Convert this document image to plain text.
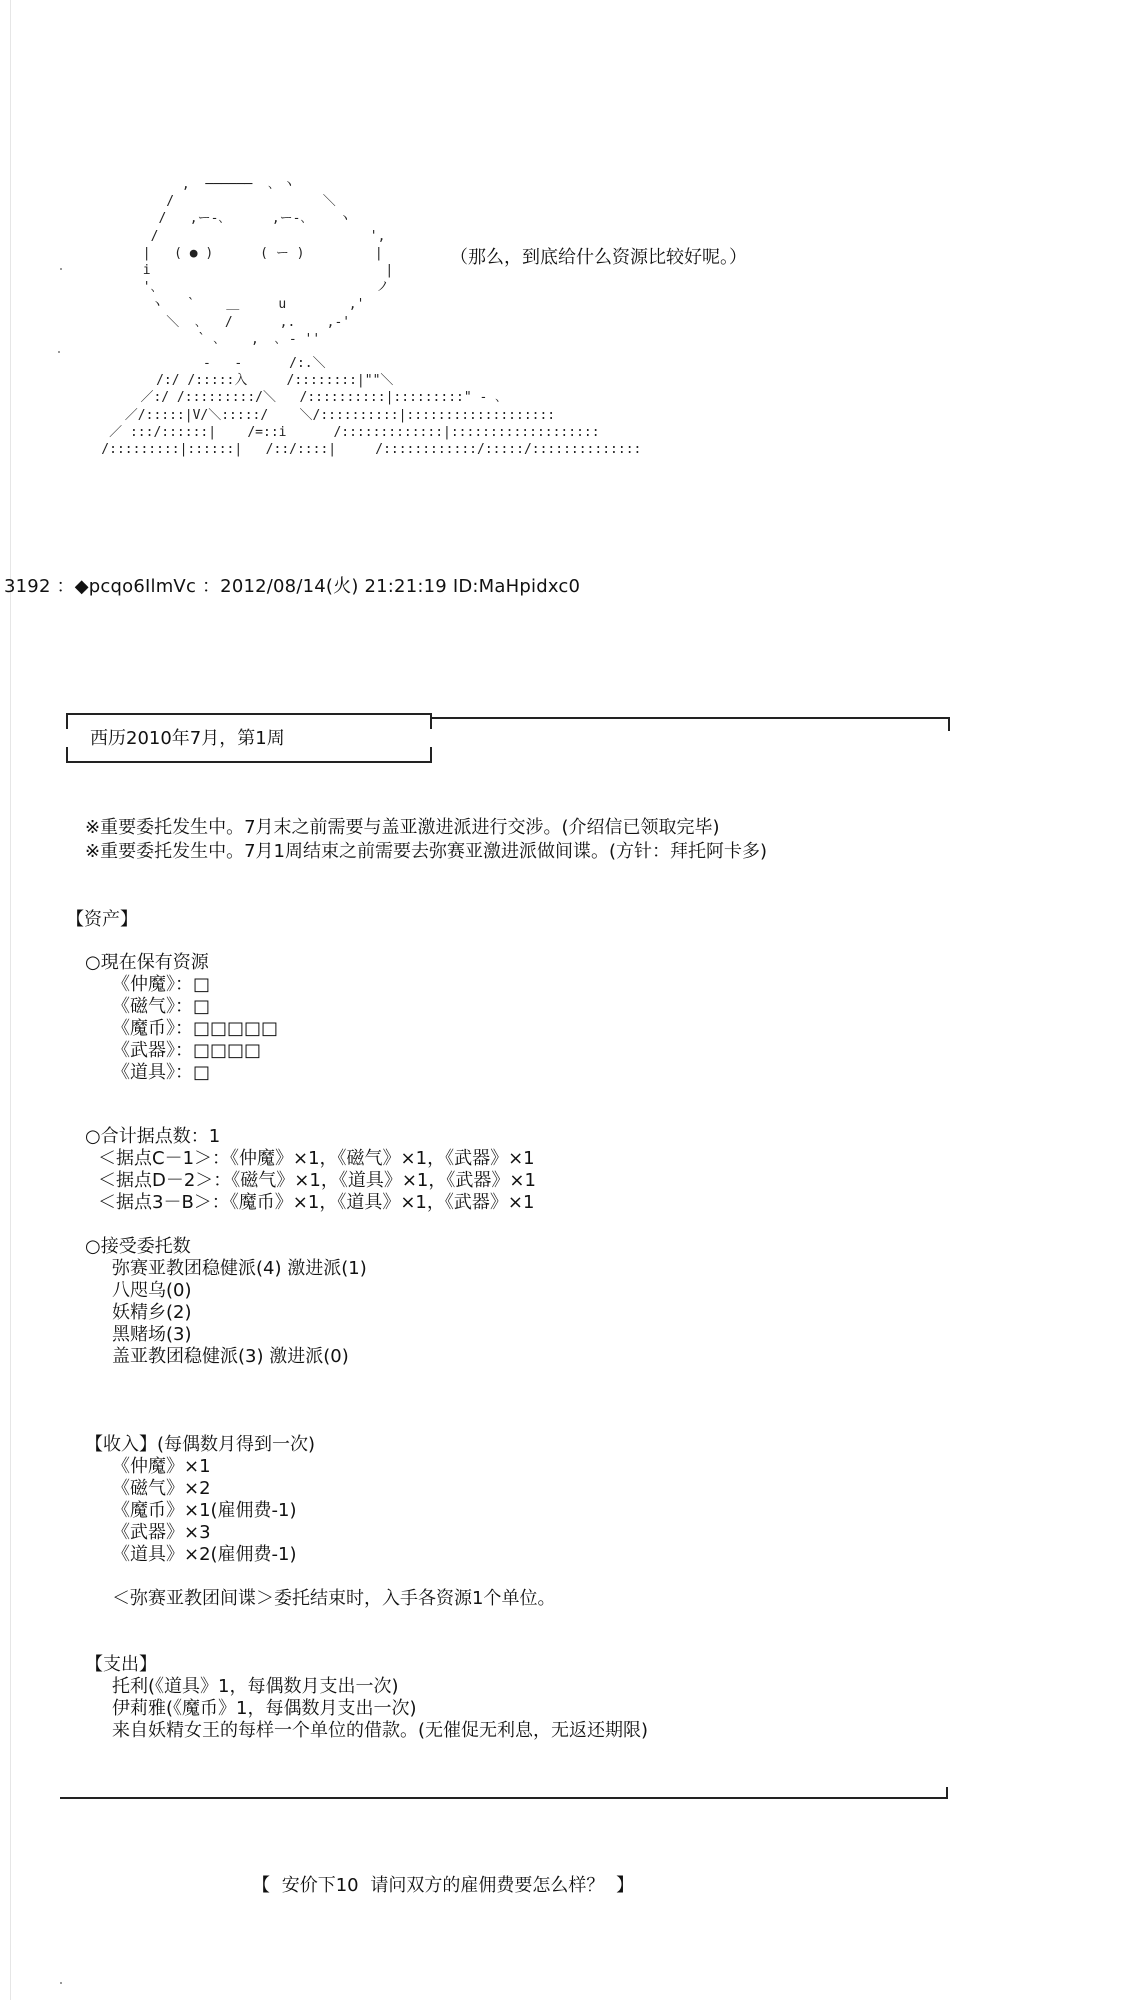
,  ──────  ､ ヽ
/                   ＼
/   ,ー-､      ,ー-､    ヽ
/                           ',
|   ( ● )      ( ー )         |
i                              |
'､                            ノ
ヽ   `    ＿     u        ,'
＼  ､   /      ,.    ,-'
` ､    ,  ､ ‐ ''
-   -      /:.＼
/:/ /:::::入     /::::::::|""＼
／:/ /:::::::::/＼   /::::::::::|:::::::::" - ､
／/:::::|V/＼:::::/    ＼/::::::::::|:::::::::::::::::::
／ :::/::::::|    /=::i      /:::::::::::::|:::::::::::::::::::
/:::::::::|::::::|   /::/::::|     /::::::::::::/:::::/::::::::::::::
（那么，到底给什么资源比较好呢。）
3192 ：◆pcqo6IlmVc ：2012/08/14(火) 21:21:19 ID:MaHpidxc0
西历2010年7月，第1周
※重要委托发生中。7月末之前需要与盖亚激进派进行交涉。(介绍信已领取完毕)
※重要委托发生中。7月1周结束之前需要去弥赛亚激进派做间谍。(方针：拜托阿卡多)
【资产】
○現在保有资源
《仲魔》：□
《磁气》：□
《魔币》：□□□□□
《武器》：□□□□
《道具》：□
○合计据点数：1
＜据点C－1＞：《仲魔》×1，《磁气》×1，《武器》×1
＜据点D－2＞：《磁气》×1，《道具》×1，《武器》×1
＜据点3－B＞：《魔币》×1，《道具》×1，《武器》×1
○接受委托数
弥赛亚教团稳健派(4) 激进派(1)
八咫乌(0)
妖精乡(2)
黑赌场(3)
盖亚教团稳健派(3) 激进派(0)
【收入】(每偶数月得到一次)
《仲魔》×1
《磁气》×2
《魔币》×1(雇佣费-1)
《武器》×3
《道具》×2(雇佣费-1)
＜弥赛亚教团间谍＞委托结束时，入手各资源1个单位。
【支出】
托利(《道具》1，每偶数月支出一次)
伊莉雅(《魔币》1，每偶数月支出一次)
来自妖精女王的每样一个单位的借款。(无催促无利息，无返还期限)
【 安价下10 请问双方的雇佣费要怎么样？ 】
